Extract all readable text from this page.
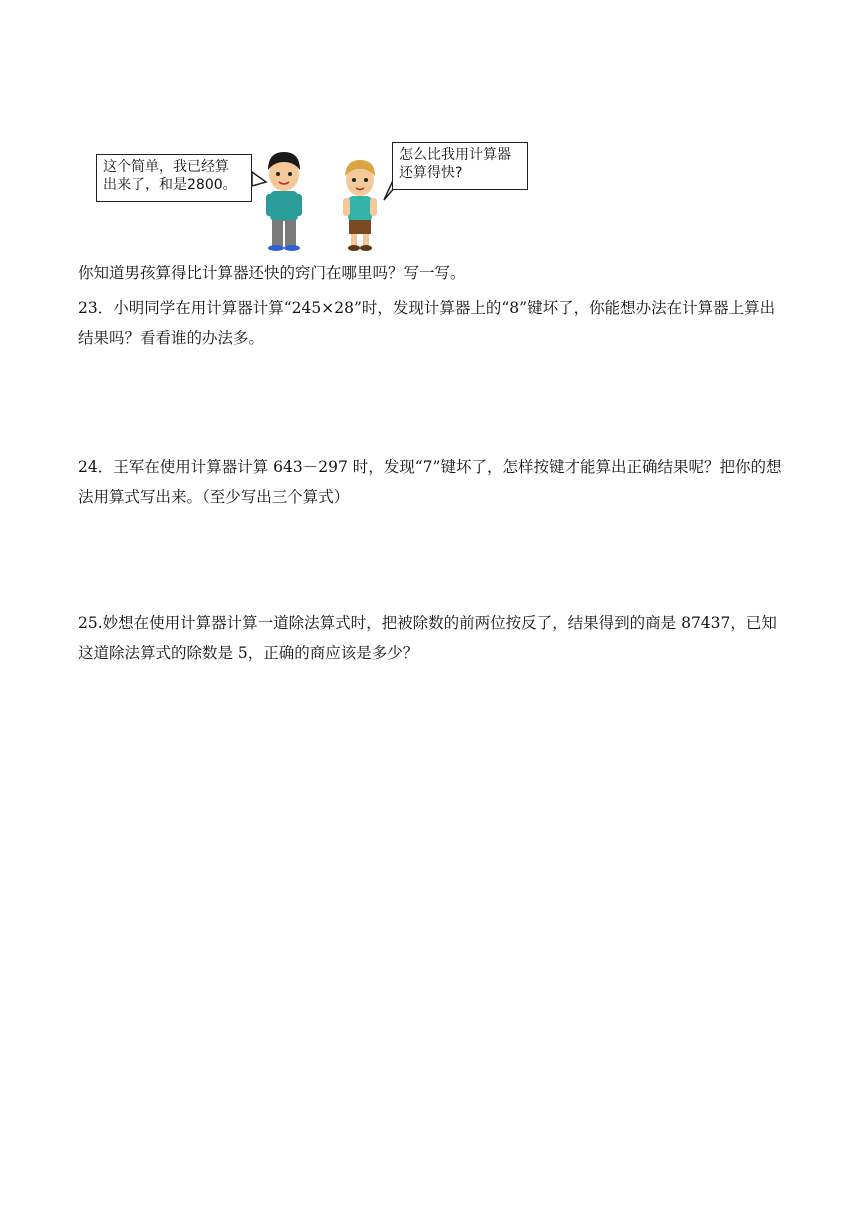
这个简单，我已经算
出来了，和是2800。
怎么比我用计算器
还算得快?

你知道男孩算得比计算器还快的窍门在哪里吗？写一写。

23．小明同学在用计算器计算“245×28”时，发现计算器上的“8”键坏了，你能想办法在计算器上算出结果吗？看看谁的办法多。

24．王军在使用计算器计算 643－297 时，发现“7”键坏了，怎样按键才能算出正确结果呢？把你的想法用算式写出来。（至少写出三个算式）

25.妙想在使用计算器计算一道除法算式时，把被除数的前两位按反了，结果得到的商是 87437，已知这道除法算式的除数是 5，正确的商应该是多少？
